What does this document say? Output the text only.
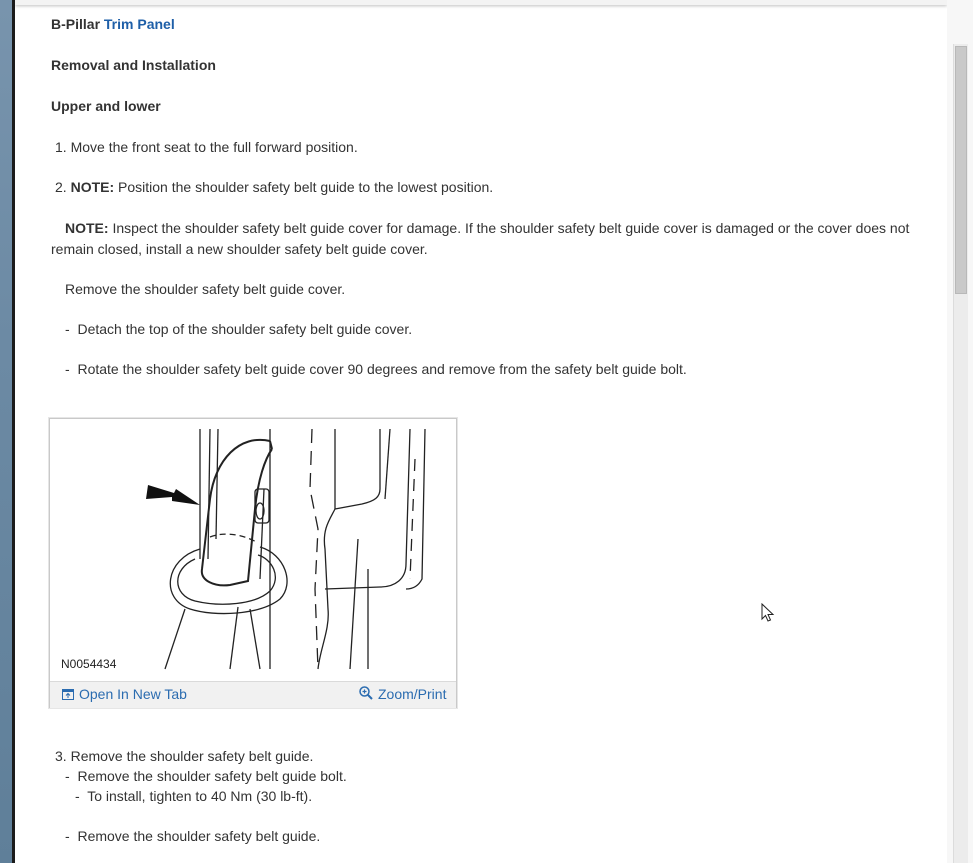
B-Pillar Trim Panel
Removal and Installation
Upper and lower
1. Move the front seat to the full forward position.
2. NOTE: Position the shoulder safety belt guide to the lowest position.
NOTE: Inspect the shoulder safety belt guide cover for damage. If the shoulder safety belt guide cover is damaged or the cover does not remain closed, install a new shoulder safety belt guide cover.
Remove the shoulder safety belt guide cover.
- Detach the top of the shoulder safety belt guide cover.
- Rotate the shoulder safety belt guide cover 90 degrees and remove from the safety belt guide bolt.
3. Remove the shoulder safety belt guide.
- Remove the shoulder safety belt guide bolt.
- To install, tighten to 40 Nm (30 lb-ft).
- Remove the shoulder safety belt guide.
N0054434
Open In New Tab	Zoom/Print
